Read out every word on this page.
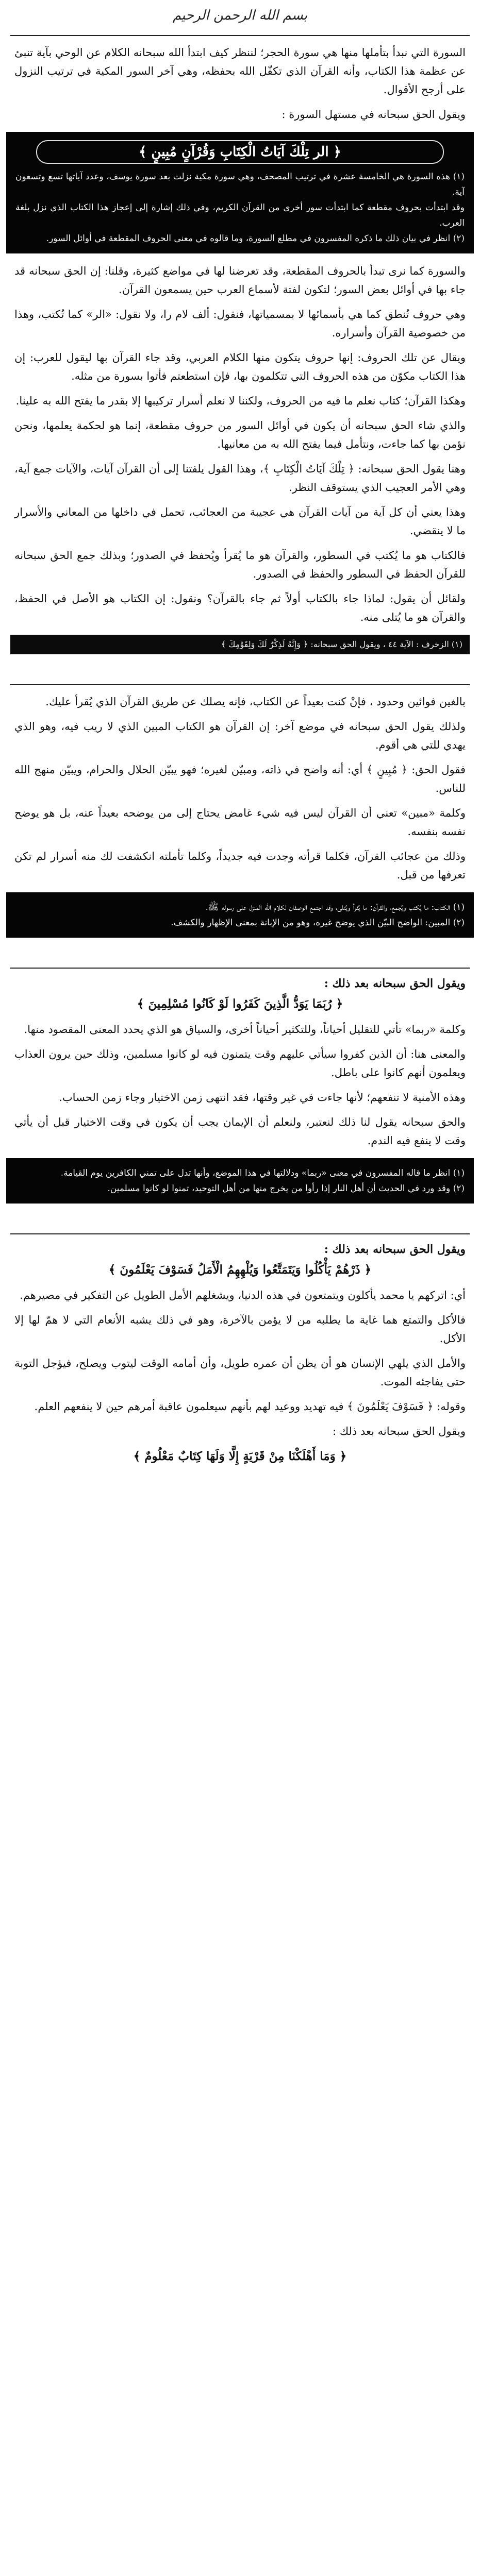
بسم الله الرحمن الرحيم
السورة التي نبدأ بتأملها منها هي سورة الحجر؛ لننظر كيف ابتدأ الله سبحانه الكلام عن الوحي بآية تنبئ عن عظمة هذا الكتاب، وأنه القرآن الذي تكفّل الله بحفظه، وهي آخر السور المكية في ترتيب النزول على أرجح الأقوال.
ويقول الحق سبحانه في مستهل السورة :
﴿ الر تِلْكَ آيَاتُ الْكِتَابِ وَقُرْآنٍ مُبِينٍ ﴾
(١) هذه السورة هي الخامسة عشرة في ترتيب المصحف، وهي سورة مكية نزلت بعد سورة يوسف، وعدد آياتها تسع وتسعون آية.
وقد ابتدأت بحروف مقطعة كما ابتدأت سور أخرى من القرآن الكريم، وفي ذلك إشارة إلى إعجاز هذا الكتاب الذي نزل بلغة العرب.
(٢) انظر في بيان ذلك ما ذكره المفسرون في مطلع السورة، وما قالوه في معنى الحروف المقطعة في أوائل السور.
والسورة كما نرى تبدأ بالحروف المقطعة، وقد تعرضنا لها في مواضع كثيرة، وقلنا: إن الحق سبحانه قد جاء بها في أوائل بعض السور؛ لتكون لفتة لأسماع العرب حين يسمعون القرآن.
وهي حروف تُنطق كما هي بأسمائها لا بمسمياتها، فنقول: ألف لام را، ولا نقول: «الر» كما تُكتب، وهذا من خصوصية القرآن وأسراره.
ويقال عن تلك الحروف: إنها حروف يتكون منها الكلام العربي، وقد جاء القرآن بها ليقول للعرب: إن هذا الكتاب مكوّن من هذه الحروف التي تتكلمون بها، فإن استطعتم فأتوا بسورة من مثله.
وهكذا القرآن؛ كتاب نعلم ما فيه من الحروف، ولكننا لا نعلم أسرار تركيبها إلا بقدر ما يفتح الله به علينا.
والذي شاء الحق سبحانه أن يكون في أوائل السور من حروف مقطعة، إنما هو لحكمة يعلمها، ونحن نؤمن بها كما جاءت، ونتأمل فيما يفتح الله به من معانيها.
وهنا يقول الحق سبحانه: ﴿ تِلْكَ آيَاتُ الْكِتَابِ ﴾، وهذا القول يلفتنا إلى أن القرآن آيات، والآيات جمع آية، وهي الأمر العجيب الذي يستوقف النظر.
وهذا يعني أن كل آية من آيات القرآن هي عجيبة من العجائب، تحمل في داخلها من المعاني والأسرار ما لا ينقضي.
فالكتاب هو ما يُكتب في السطور، والقرآن هو ما يُقرأ ويُحفظ في الصدور؛ وبذلك جمع الحق سبحانه للقرآن الحفظ في السطور والحفظ في الصدور.
ولقائل أن يقول: لماذا جاء بالكتاب أولاً ثم جاء بالقرآن؟ ونقول: إن الكتاب هو الأصل في الحفظ، والقرآن هو ما يُتلى منه.
(١) الزخرف : الآية ٤٤ ، ويقول الحق سبحانه: ﴿ وَإِنَّهُ لَذِكْرٌ لَكَ وَلِقَوْمِكَ ﴾
بالغين فوائين وحدود ، فإنْ كنت بعيداً عن الكتاب، فإنه يصلك عن طريق القرآن الذي يُقرأ عليك.
ولذلك يقول الحق سبحانه في موضع آخر: إن القرآن هو الكتاب المبين الذي لا ريب فيه، وهو الذي يهدي للتي هي أقوم.
فقول الحق: ﴿ مُبِينٍ ﴾ أي: أنه واضح في ذاته، ومبيّن لغيره؛ فهو يبيّن الحلال والحرام، ويبيّن منهج الله للناس.
وكلمة «مبين» تعني أن القرآن ليس فيه شيء غامض يحتاج إلى من يوضحه بعيداً عنه، بل هو يوضح نفسه بنفسه.
وذلك من عجائب القرآن، فكلما قرأته وجدت فيه جديداً، وكلما تأملته انكشفت لك منه أسرار لم تكن تعرفها من قبل.
(١) الكتاب: ما يُكتب ويُجمع، والقرآن: ما يُقرأ ويُتلى، وقد اجتمع الوصفان لكلام الله المنزل على رسوله ﷺ.
(٢) المبين: الواضح البيّن الذي يوضح غيره، وهو من الإبانة بمعنى الإظهار والكشف.
ويقول الحق سبحانه بعد ذلك :
﴿ رُبَمَا يَوَدُّ الَّذِينَ كَفَرُوا لَوْ كَانُوا مُسْلِمِينَ ﴾
وكلمة «ربما» تأتي للتقليل أحياناً، وللتكثير أحياناً أخرى، والسياق هو الذي يحدد المعنى المقصود منها.
والمعنى هنا: أن الذين كفروا سيأتي عليهم وقت يتمنون فيه لو كانوا مسلمين، وذلك حين يرون العذاب ويعلمون أنهم كانوا على باطل.
وهذه الأمنية لا تنفعهم؛ لأنها جاءت في غير وقتها، فقد انتهى زمن الاختيار وجاء زمن الحساب.
والحق سبحانه يقول لنا ذلك لنعتبر، ولنعلم أن الإيمان يجب أن يكون في وقت الاختيار قبل أن يأتي وقت لا ينفع فيه الندم.
(١) انظر ما قاله المفسرون في معنى «ربما» ودلالتها في هذا الموضع، وأنها تدل على تمني الكافرين يوم القيامة.
(٢) وقد ورد في الحديث أن أهل النار إذا رأوا من يخرج منها من أهل التوحيد، تمنوا لو كانوا مسلمين.
ويقول الحق سبحانه بعد ذلك :
﴿ ذَرْهُمْ يَأْكُلُوا وَيَتَمَتَّعُوا وَيُلْهِهِمُ الْأَمَلُ فَسَوْفَ يَعْلَمُونَ ﴾
أي: اتركهم يا محمد يأكلون ويتمتعون في هذه الدنيا، ويشغلهم الأمل الطويل عن التفكير في مصيرهم.
فالأكل والتمتع هما غاية ما يطلبه من لا يؤمن بالآخرة، وهو في ذلك يشبه الأنعام التي لا همّ لها إلا الأكل.
والأمل الذي يلهي الإنسان هو أن يظن أن عمره طويل، وأن أمامه الوقت ليتوب ويصلح، فيؤجل التوبة حتى يفاجئه الموت.
وقوله: ﴿ فَسَوْفَ يَعْلَمُونَ ﴾ فيه تهديد ووعيد لهم بأنهم سيعلمون عاقبة أمرهم حين لا ينفعهم العلم.
ويقول الحق سبحانه بعد ذلك :
﴿ وَمَا أَهْلَكْنَا مِنْ قَرْيَةٍ إِلَّا وَلَهَا كِتَابٌ مَعْلُومٌ ﴾
